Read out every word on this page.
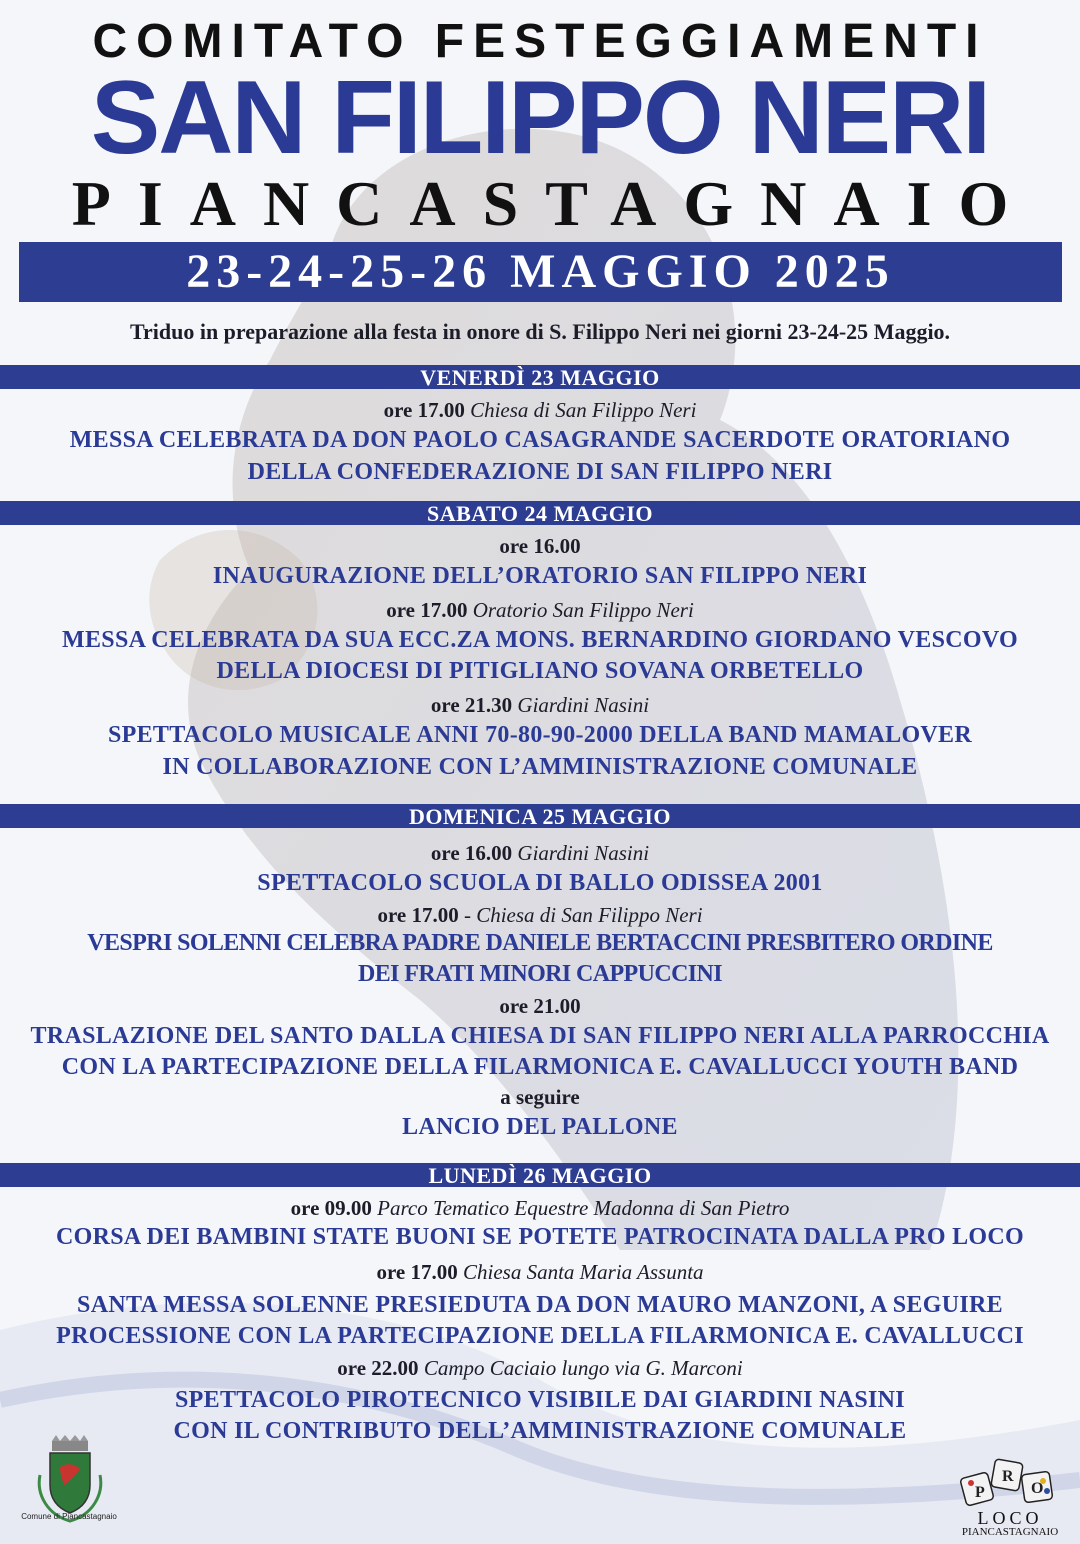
COMITATO FESTEGGIAMENTI
SAN FILIPPO NERI
PIANCASTAGNAIO
23-24-25-26 MAGGIO 2025
Triduo in preparazione alla festa in onore di S. Filippo Neri nei giorni 23-24-25 Maggio.
VENERDÌ 23 MAGGIO
ore 17.00 Chiesa di San Filippo Neri
MESSA CELEBRATA DA DON PAOLO CASAGRANDE SACERDOTE ORATORIANO
DELLA CONFEDERAZIONE DI SAN FILIPPO NERI
SABATO 24 MAGGIO
ore 16.00
INAUGURAZIONE DELL’ORATORIO SAN FILIPPO NERI
ore 17.00 Oratorio San Filippo Neri
MESSA CELEBRATA DA SUA ECC.ZA MONS. BERNARDINO GIORDANO VESCOVO
DELLA DIOCESI DI PITIGLIANO SOVANA ORBETELLO
ore 21.30 Giardini Nasini
SPETTACOLO MUSICALE ANNI 70-80-90-2000 DELLA BAND MAMALOVER
IN COLLABORAZIONE CON L’AMMINISTRAZIONE COMUNALE
DOMENICA 25 MAGGIO
ore 16.00 Giardini Nasini
SPETTACOLO SCUOLA DI BALLO ODISSEA 2001
ore 17.00 - Chiesa di San Filippo Neri
VESPRI SOLENNI CELEBRA PADRE DANIELE BERTACCINI PRESBITERO ORDINE
DEI FRATI MINORI CAPPUCCINI
ore 21.00
TRASLAZIONE DEL SANTO DALLA CHIESA DI SAN FILIPPO NERI ALLA PARROCCHIA
CON LA PARTECIPAZIONE DELLA FILARMONICA E. CAVALLUCCI YOUTH BAND
a seguire
LANCIO DEL PALLONE
LUNEDÌ 26 MAGGIO
ore 09.00 Parco Tematico Equestre Madonna di San Pietro
CORSA DEI BAMBINI STATE BUONI SE POTETE PATROCINATA DALLA PRO LOCO
ore 17.00 Chiesa Santa Maria Assunta
SANTA MESSA SOLENNE PRESIEDUTA DA DON MAURO MANZONI, A SEGUIRE
PROCESSIONE CON LA PARTECIPAZIONE DELLA FILARMONICA E. CAVALLUCCI
ore 22.00 Campo Caciaio lungo via G. Marconi
SPETTACOLO PIROTECNICO VISIBILE DAI GIARDINI NASINI
CON IL CONTRIBUTO DELL’AMMINISTRAZIONE COMUNALE
Comune di Piancastagnaio
P
R
O
LOCO
PIANCASTAGNAIO
